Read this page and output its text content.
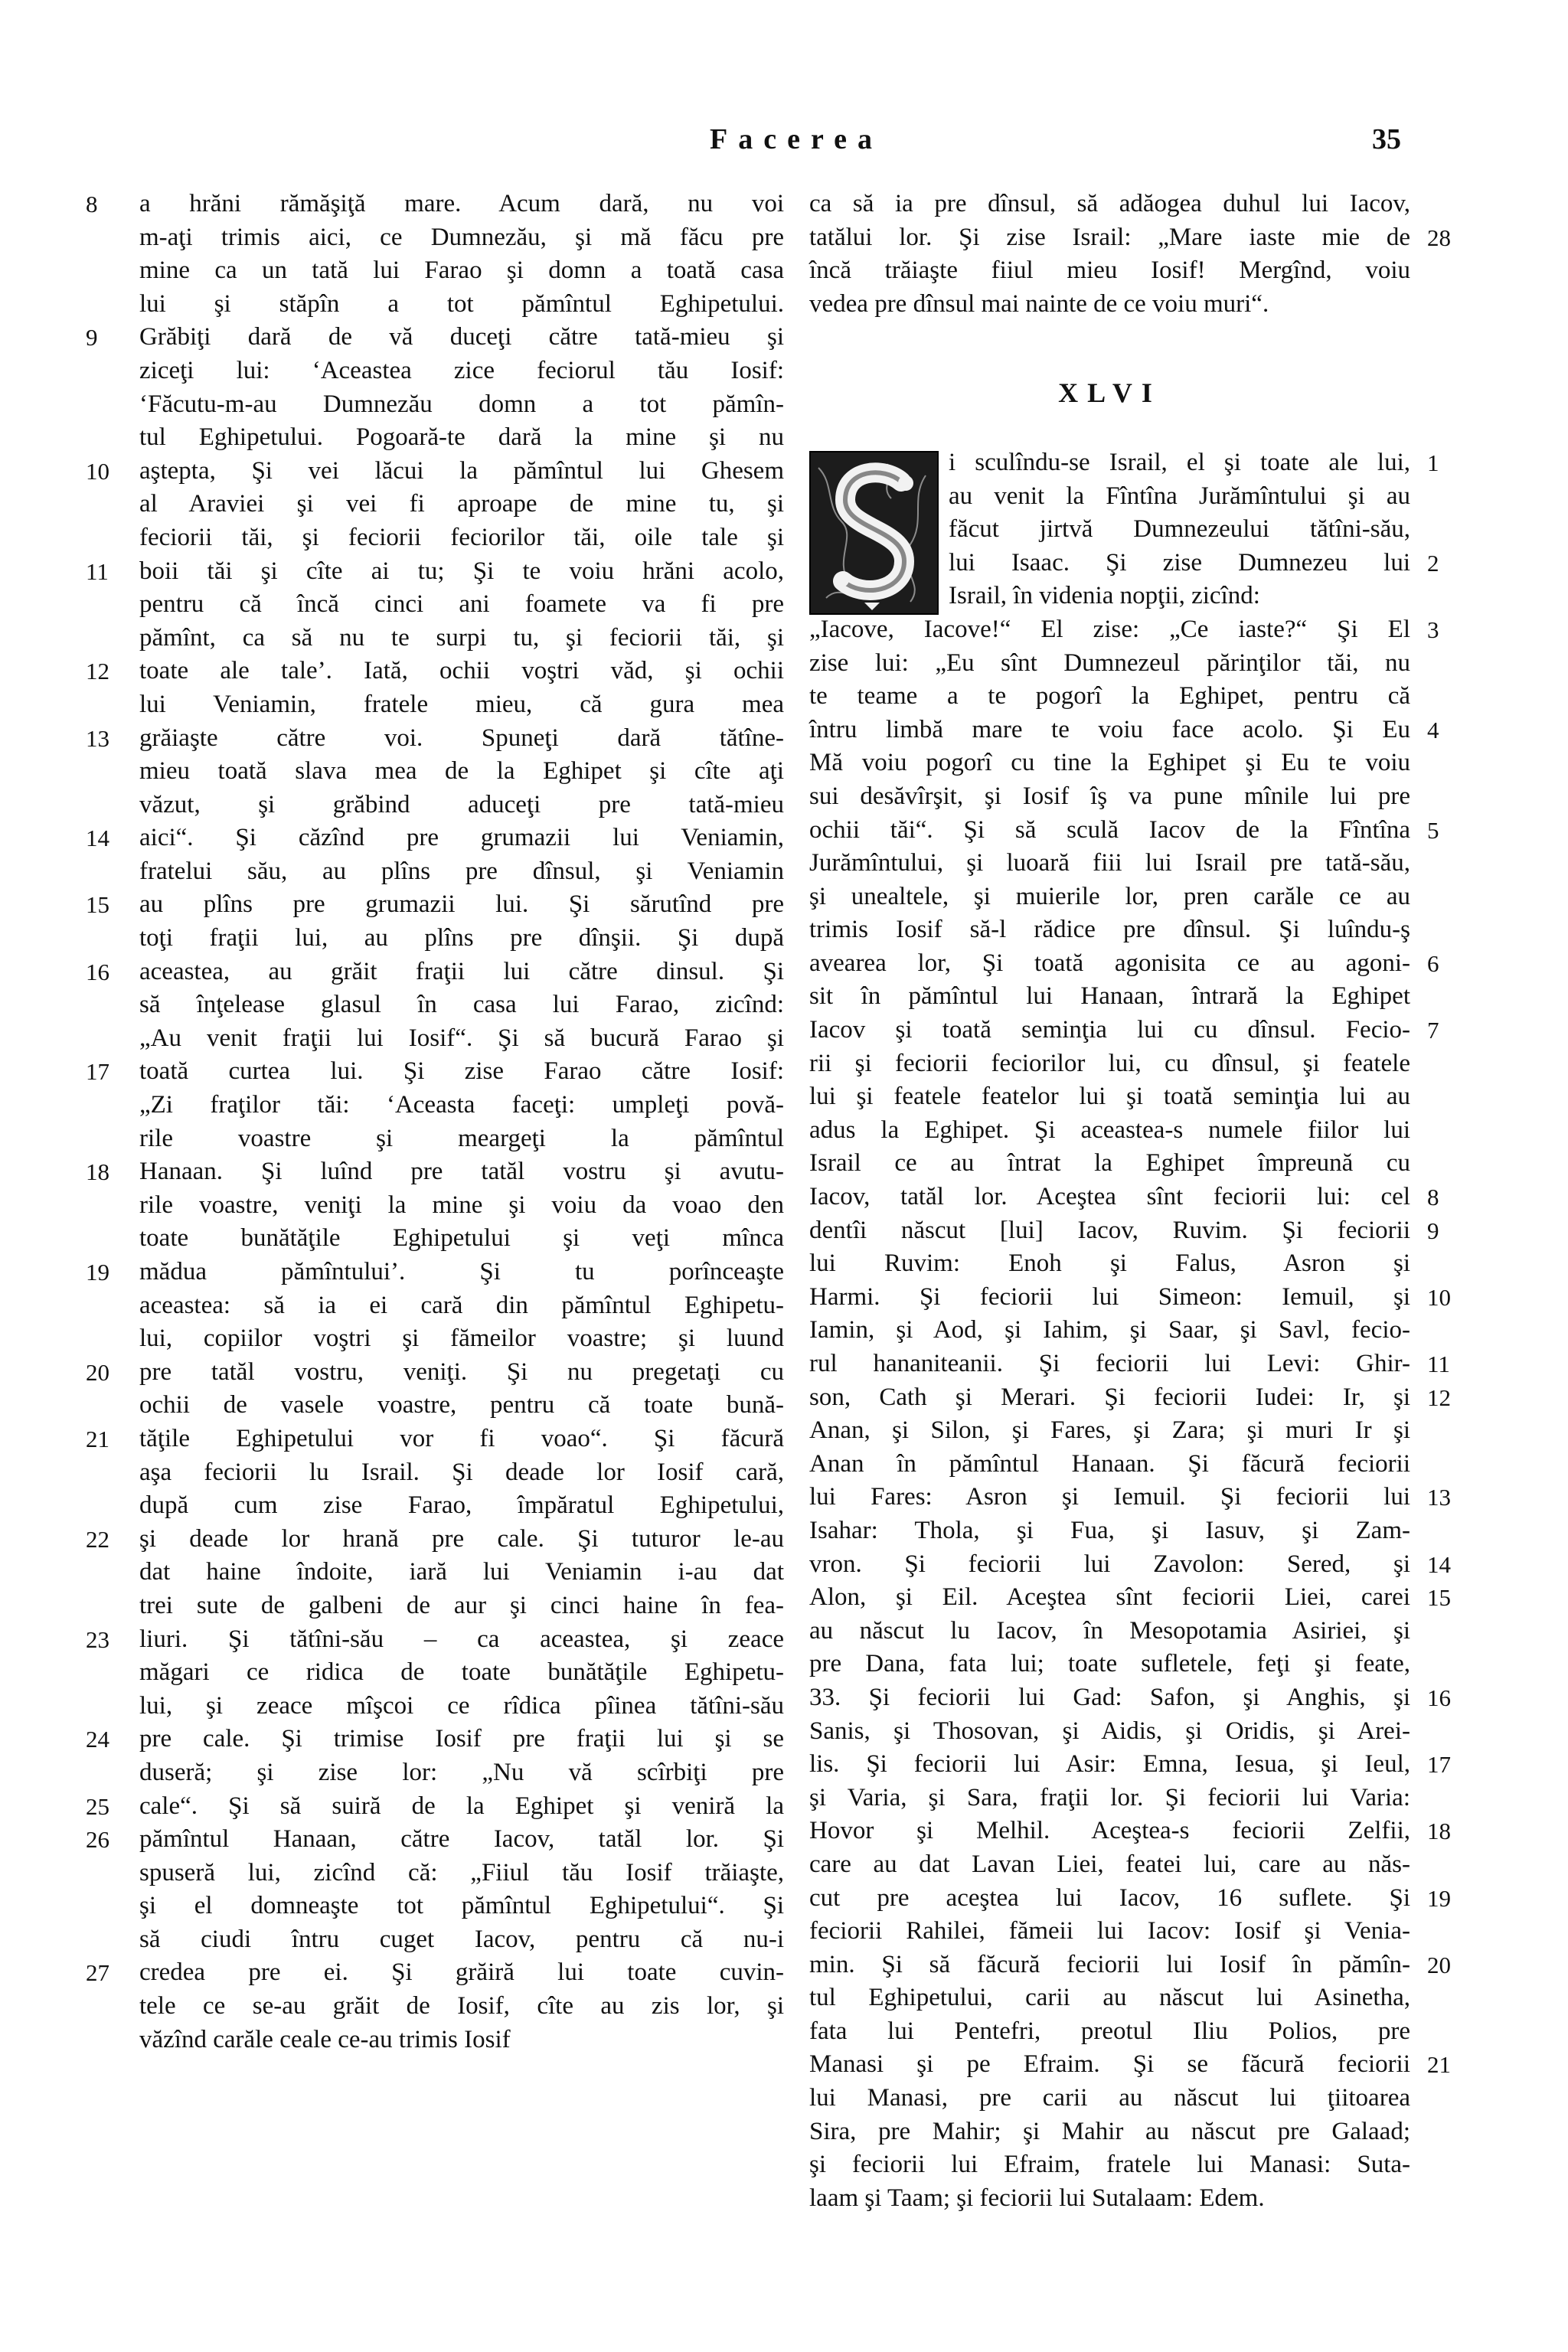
Facerea	35
a hrăni rămăşiţă mare. Acum dară, nu voi
8
m-aţi trimis aici, ce Dumnezău, şi mă făcu pre
mine ca un tată lui Farao şi domn a toată casa
lui şi stăpîn a tot pămîntul Eghipetului.
Grăbiţi dară de vă duceţi către tată-mieu şi
9
ziceţi lui: ‘Aceastea zice feciorul tău Iosif:
‘Făcutu-m-au Dumnezău domn a tot pămîn-
tul Eghipetului. Pogoară-te dară la mine şi nu
aştepta, Şi vei lăcui la pămîntul lui Ghesem
10
al Araviei şi vei fi aproape de mine tu, şi
feciorii tăi, şi feciorii feciorilor tăi, oile tale şi
boii tăi şi cîte ai tu; Şi te voiu hrăni acolo,
11
pentru că încă cinci ani foamete va fi pre
pămînt, ca să nu te surpi tu, şi feciorii tăi, şi
toate ale tale’. Iată, ochii voştri văd, şi ochii
12
lui Veniamin, fratele mieu, că gura mea
grăiaşte către voi. Spuneţi dară tătîne-
13
mieu toată slava mea de la Eghipet şi cîte aţi
văzut, şi grăbind aduceţi pre tată-mieu
aici“. Şi căzînd pre grumazii lui Veniamin,
14
fratelui său, au plîns pre dînsul, şi Veniamin
au plîns pre grumazii lui. Şi sărutînd pre
15
toţi fraţii lui, au plîns pre dînşii. Şi după
aceastea, au grăit fraţii lui către dinsul. Şi
16
să înţelease glasul în casa lui Farao, zicînd:
„Au venit fraţii lui Iosif“. Şi să bucură Farao şi
toată curtea lui. Şi zise Farao către Iosif:
17
„Zi fraţilor tăi: ‘Aceasta faceţi: umpleţi povă-
rile voastre şi meargeţi la pămîntul
Hanaan. Şi luînd pre tatăl vostru şi avutu-
18
rile voastre, veniţi la mine şi voiu da voao den
toate bunătăţile Eghipetului şi veţi mînca
măduа pămîntului’. Şi tu porînceaşte
19
aceastea: să ia ei cară din pămîntul Eghipetu-
lui, copiilor voştri şi fămeilor voastre; şi luund
pre tatăl vostru, veniţi. Şi nu pregetaţi cu
20
ochii de vasele voastre, pentru că toate bună-
tăţile Eghipetului vor fi voao“. Şi făcură
21
aşa feciorii lu Israil. Şi deade lor Iosif cară,
după cum zise Farao, împăratul Eghipetului,
şi deade lor hrană pre cale. Şi tuturor le-au
22
dat haine îndoite, iară lui Veniamin i-au dat
trei sute de galbeni de aur şi cinci haine în fea-
liuri. Şi tătîni-său – ca aceastea, şi zeace
23
măgari ce ridica de toate bunătăţile Eghipetu-
lui, şi zeace mîşcoi ce rîdica pîinea tătîni-său
pre cale. Şi trimise Iosif pre fraţii lui şi se
24
duseră; şi zise lor: „Nu vă scîrbiţi pre
cale“. Şi să suiră de la Eghipet şi veniră la
25
pămîntul Hanaan, către Iacov, tatăl lor. Şi
26
spuseră lui, zicînd că: „Fiiul tău Iosif trăiaşte,
şi el domneaşte tot pămîntul Eghipetului“. Şi
să ciudi întru cuget Iacov, pentru că nu-i
credea pre ei. Şi grăiră lui toate cuvin-
27
tele ce se-au grăit de Iosif, cîte au zis lor, şi
văzînd carăle ceale ce-au trimis Iosif
ca să ia pre dînsul, să adăogea duhul lui Iacov,
tatălui lor. Şi zise Israil: „Mare iaste mie de 28
încă trăiaşte fiiul mieu Iosif! Mergînd, voiu
vedea pre dînsul mai nainte de ce voiu muri“.
XLVI
i sculîndu-se Israil, el şi toate ale lui, 1
au venit la Fîntîna Jurămîntului şi au
făcut jirtvă Dumnezeului tătîni-său,
lui Isaac. Şi zise Dumnezeu lui 2
Israil, în videnia nopţii, zicînd:
„Iacove, Iacove!“ El zise: „Ce iaste?“ Şi El 3
zise lui: „Eu sînt Dumnezeul părinţilor tăi, nu
te teame a te pogorî la Eghipet, pentru că
întru limbă mare te voiu face acolo. Şi Eu 4
Mă voiu pogorî cu tine la Eghipet şi Eu te voiu
sui desăvîrşit, şi Iosif îş va pune mînile lui pre
ochii tăi“. Şi să sculă Iacov de la Fîntîna 5
Jurămîntului, şi luoară fiii lui Israil pre tată-său,
şi unealtele, şi muierile lor, pren carăle ce au
trimis Iosif să-l rădice pre dînsul. Şi luîndu-ş
avearea lor, Şi toată agonisita ce au agoni- 6
sit în pămîntul lui Hanaan, întrară la Eghipet
Iacov şi toată seminţia lui cu dînsul. Fecio- 7
rii şi feciorii feciorilor lui, cu dînsul, şi featele
lui şi featele featelor lui şi toată seminţia lui au
adus la Eghipet. Şi aceastea-s numele fiilor lui
Israil ce au întrat la Eghipet împreună cu
Iacov, tatăl lor. Aceştea sînt feciorii lui: cel 8
dentîi născut [lui] Iacov, Ruvim. Şi feciorii 9
lui Ruvim: Enoh şi Falus, Asron şi
Harmi. Şi feciorii lui Simeon: Iemuil, şi 10
Iamin, şi Aod, şi Iahim, şi Saar, şi Savl, fecio-
rul hananiteanii. Şi feciorii lui Levi: Ghir- 11
son, Cath şi Merari. Şi feciorii Iudei: Ir, şi 12
Anan, şi Silon, şi Fares, şi Zara; şi muri Ir şi
Anan în pămîntul Hanaan. Şi făcură feciorii
lui Fares: Asron şi Iemuil. Şi feciorii lui 13
Isahar: Thola, şi Fua, şi Iasuv, şi Zam-
vron. Şi feciorii lui Zavolon: Sered, şi 14
Alon, şi Eil. Aceştea sînt feciorii Liei, carei 15
au născut lu Iacov, în Mesopotamia Asiriei, şi
pre Dana, fata lui; toate sufletele, feţi şi feate,
33. Şi feciorii lui Gad: Safon, şi Anghis, şi 16
Sanis, şi Thosovan, şi Aidis, şi Oridis, şi Arei-
lis. Şi feciorii lui Asir: Emna, Iesua, şi Ieul, 17
şi Varia, şi Sara, fraţii lor. Şi feciorii lui Varia:
Hovor şi Melhil. Aceştea-s feciorii Zelfii, 18
care au dat Lavan Liei, featei lui, care au năs-
cut pre aceştea lui Iacov, 16 suflete. Şi 19
feciorii Rahilei, fămeii lui Iacov: Iosif şi Venia-
min. Şi să făcură feciorii lui Iosif în pămîn- 20
tul Eghipetului, carii au născut lui Asinetha,
fata lui Pentefri, preotul Iliu Polios, pre
Manasi şi pe Efraim. Şi se făcură feciorii 21
lui Manasi, pre carii au născut lui ţiitoarea
Sira, pre Mahir; şi Mahir au născut pre Galaad;
şi feciorii lui Efraim, fratele lui Manasi: Suta-
laam şi Taam; şi feciorii lui Sutalaam: Edem.
